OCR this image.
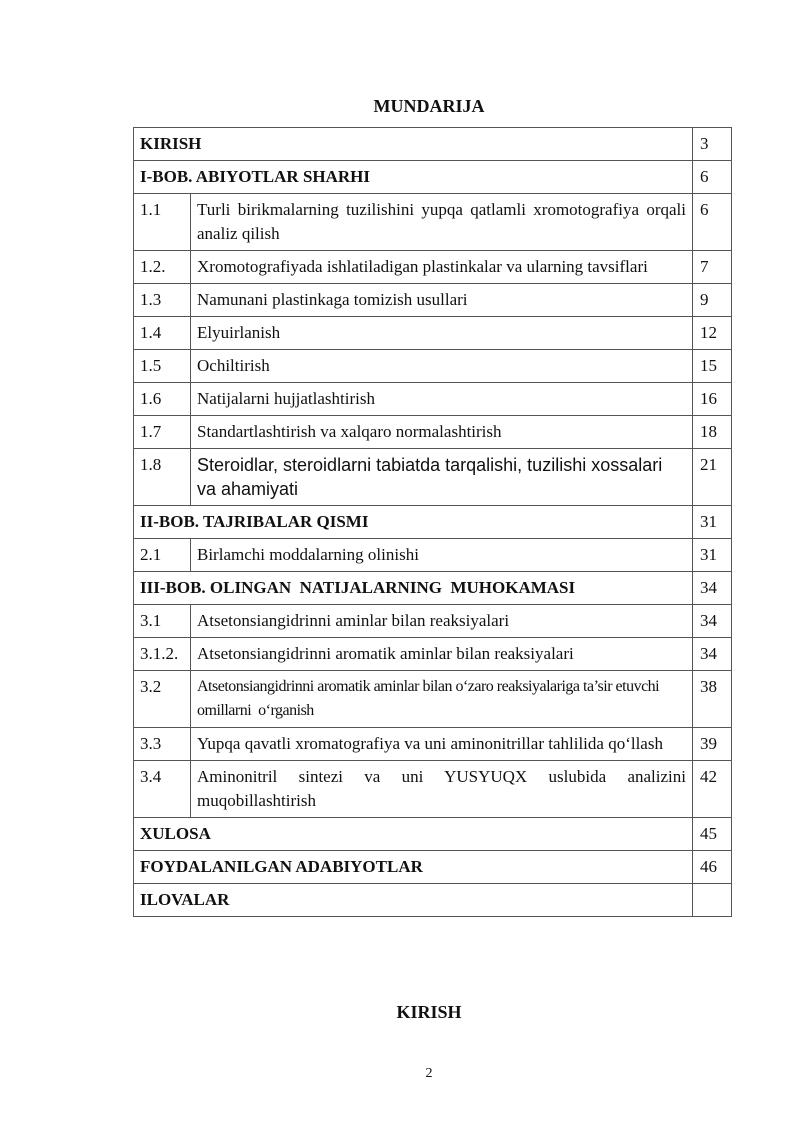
MUNDARIJA
KIRISH		3
I-BOB. ABIYOTLAR SHARHI		6
1.1	Turli birikmalarning tuzilishini yupqa qatlamli xromotografiya orqali analiz qilish	6
1.2.	Xromotografiyada ishlatiladigan plastinkalar va ularning tavsiflari	7
1.3	Namunani plastinkaga tomizish usullari	9
1.4	Elyuirlanish	12
1.5	Ochiltirish	15
1.6	Natijalarni hujjatlashtirish	16
1.7	Standartlashtirish va xalqaro normalashtirish	18
1.8	Steroidlar, steroidlarni tabiatda tarqalishi, tuzilishi xossalari va ahamiyati	21
II-BOB. TAJRIBALAR QISMI		31
2.1	Birlamchi moddalarning olinishi	31
III-BOB. OLINGAN  NATIJALARNING  MUHOKAMASI		34
3.1	Atsetonsiangidrinni aminlar bilan reaksiyalari	34
3.1.2.	Atsetonsiangidrinni aromatik aminlar bilan reaksiyalari	34
3.2	Atsetonsiangidrinni aromatik aminlar bilan o‘zaro reaksiyalariga ta’sir etuvchi omillarni  o‘rganish	38
3.3	Yupqa qavatli xromatografiya va uni aminonitrillar tahlilida qo‘llash	39
3.4	Aminonitril sintezi va uni YUSYUQX uslubida analizini muqobillashtirish	42
XULOSA		45
FOYDALANILGAN ADABIYOTLAR		46
ILOVALAR		
KIRISH
2
